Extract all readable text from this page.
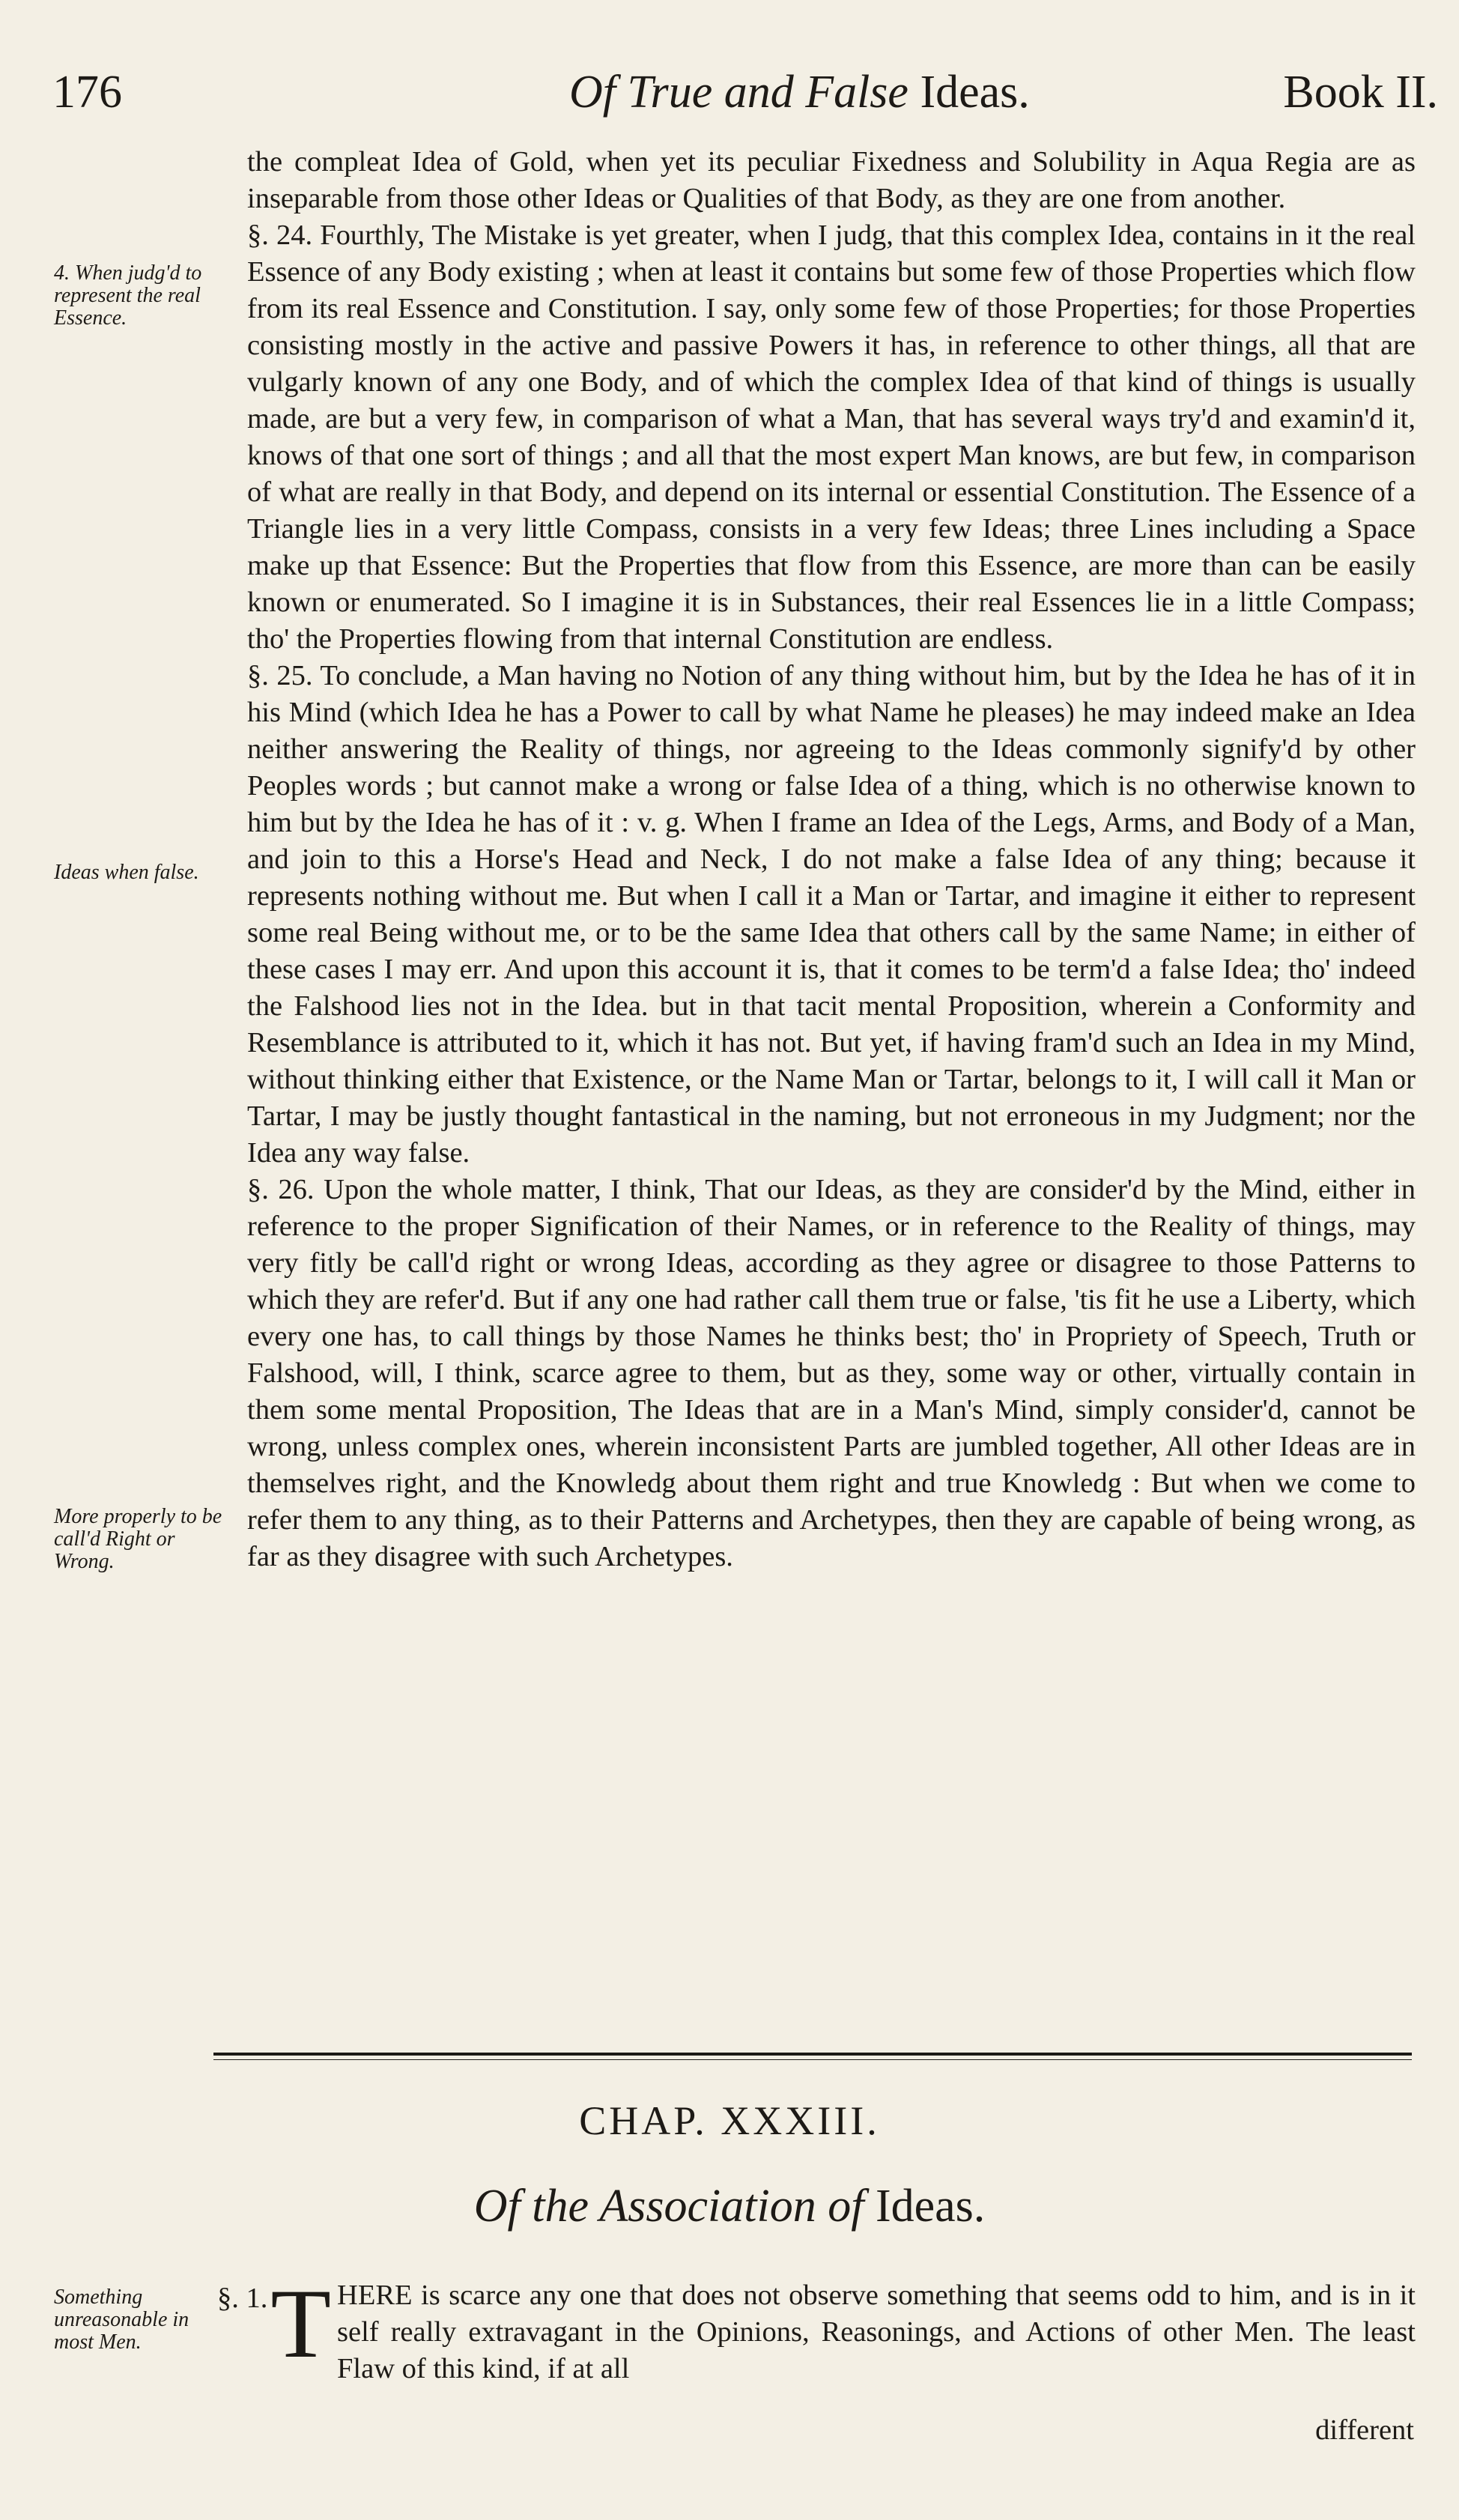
176	Of True and False Ideas.	Book II.
4. When judg'd to represent the real Essence.
Ideas when false.
More properly to be call'd Right or Wrong.
Something unreasonable in most Men.

the compleat Idea of Gold, when yet its peculiar Fixedness and Solubility in Aqua Regia are as inseparable from those other Ideas or Qualities of that Body, as they are one from another.

§. 24. Fourthly, The Mistake is yet greater, when I judg, that this complex Idea, contains in it the real Essence of any Body existing ; when at least it contains but some few of those Properties which flow from its real Essence and Constitution. I say, only some few of those Properties; for those Properties consisting mostly in the active and passive Powers it has, in reference to other things, all that are vulgarly known of any one Body, and of which the complex Idea of that kind of things is usually made, are but a very few, in comparison of what a Man, that has several ways try'd and examin'd it, knows of that one sort of things ; and all that the most expert Man knows, are but few, in comparison of what are really in that Body, and depend on its internal or essential Constitution. The Essence of a Triangle lies in a very little Compass, consists in a very few Ideas; three Lines including a Space make up that Essence: But the Properties that flow from this Essence, are more than can be easily known or enumerated. So I imagine it is in Substances, their real Essences lie in a little Compass; tho' the Properties flowing from that internal Constitution are endless.

§. 25. To conclude, a Man having no Notion of any thing without him, but by the Idea he has of it in his Mind (which Idea he has a Power to call by what Name he pleases) he may indeed make an Idea neither answering the Reality of things, nor agreeing to the Ideas commonly signify'd by other Peoples words ; but cannot make a wrong or false Idea of a thing, which is no otherwise known to him but by the Idea he has of it : v. g. When I frame an Idea of the Legs, Arms, and Body of a Man, and join to this a Horse's Head and Neck, I do not make a false Idea of any thing; because it represents nothing without me. But when I call it a Man or Tartar, and imagine it either to represent some real Being without me, or to be the same Idea that others call by the same Name; in either of these cases I may err. And upon this account it is, that it comes to be term'd a false Idea; tho' indeed the Falshood lies not in the Idea. but in that tacit mental Proposition, wherein a Conformity and Resemblance is attributed to it, which it has not. But yet, if having fram'd such an Idea in my Mind, without thinking either that Existence, or the Name Man or Tartar, belongs to it, I will call it Man or Tartar, I may be justly thought fantastical in the naming, but not erroneous in my Judgment; nor the Idea any way false.

§. 26. Upon the whole matter, I think, That our Ideas, as they are consider'd by the Mind, either in reference to the proper Signification of their Names, or in reference to the Reality of things, may very fitly be call'd right or wrong Ideas, according as they agree or disagree to those Patterns to which they are refer'd. But if any one had rather call them true or false, 'tis fit he use a Liberty, which every one has, to call things by those Names he thinks best; tho' in Propriety of Speech, Truth or Falshood, will, I think, scarce agree to them, but as they, some way or other, virtually contain in them some mental Proposition, The Ideas that are in a Man's Mind, simply consider'd, cannot be wrong, unless complex ones, wherein inconsistent Parts are jumbled together, All other Ideas are in themselves right, and the Knowledg about them right and true Knowledg : But when we come to refer them to any thing, as to their Patterns and Archetypes, then they are capable of being wrong, as far as they disagree with such Archetypes.

CHAP. XXXIII.
Of the Association of Ideas.
§. 1. T HERE is scarce any one that does not observe something that seems odd to him, and is in it self really extravagant in the Opinions, Reasonings, and Actions of other Men. The least Flaw of this kind, if at all
different
